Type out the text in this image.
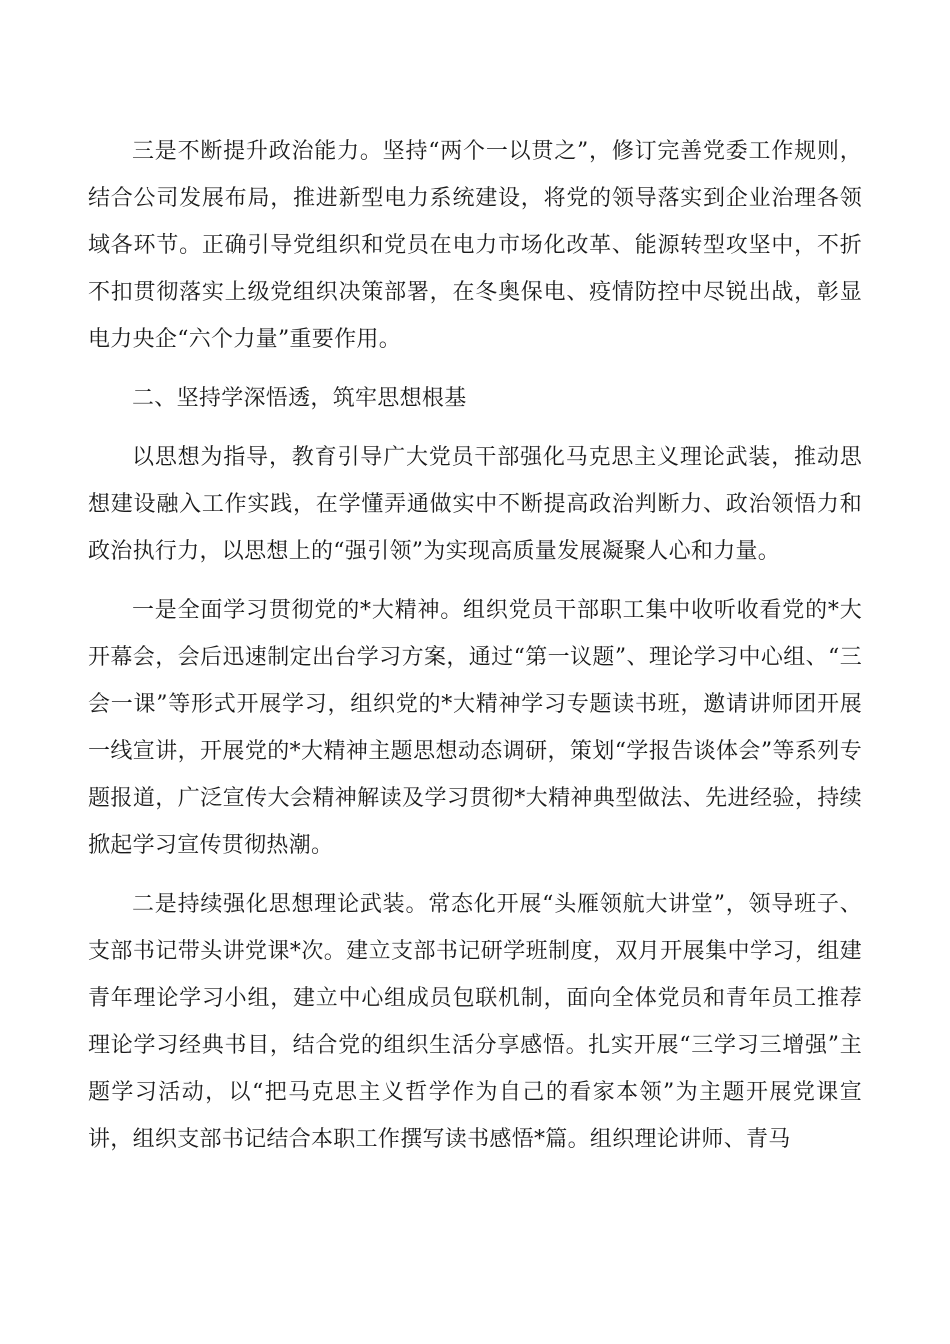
三是不断提升政治能力。坚持“两个一以贯之”，修订完善党委工作规则，结合公司发展布局，推进新型电力系统建设，将党的领导落实到企业治理各领域各环节。正确引导党组织和党员在电力市场化改革、能源转型攻坚中，不折不扣贯彻落实上级党组织决策部署，在冬奥保电、疫情防控中尽锐出战，彰显电力央企“六个力量”重要作用。

二、坚持学深悟透，筑牢思想根基

以思想为指导，教育引导广大党员干部强化马克思主义理论武装，推动思想建设融入工作实践，在学懂弄通做实中不断提高政治判断力、政治领悟力和政治执行力，以思想上的“强引领”为实现高质量发展凝聚人心和力量。

一是全面学习贯彻党的*大精神。组织党员干部职工集中收听收看党的*大开幕会，会后迅速制定出台学习方案，通过“第一议题”、理论学习中心组、“三会一课”等形式开展学习，组织党的*大精神学习专题读书班，邀请讲师团开展一线宣讲，开展党的*大精神主题思想动态调研，策划“学报告谈体会”等系列专题报道，广泛宣传大会精神解读及学习贯彻*大精神典型做法、先进经验，持续掀起学习宣传贯彻热潮。

二是持续强化思想理论武装。常态化开展“头雁领航大讲堂”，领导班子、支部书记带头讲党课*次。建立支部书记研学班制度，双月开展集中学习，组建青年理论学习小组，建立中心组成员包联机制，面向全体党员和青年员工推荐理论学习经典书目，结合党的组织生活分享感悟。扎实开展“三学习三增强”主题学习活动，以“把马克思主义哲学作为自己的看家本领”为主题开展党课宣讲，组织支部书记结合本职工作撰写读书感悟*篇。组织理论讲师、青马
